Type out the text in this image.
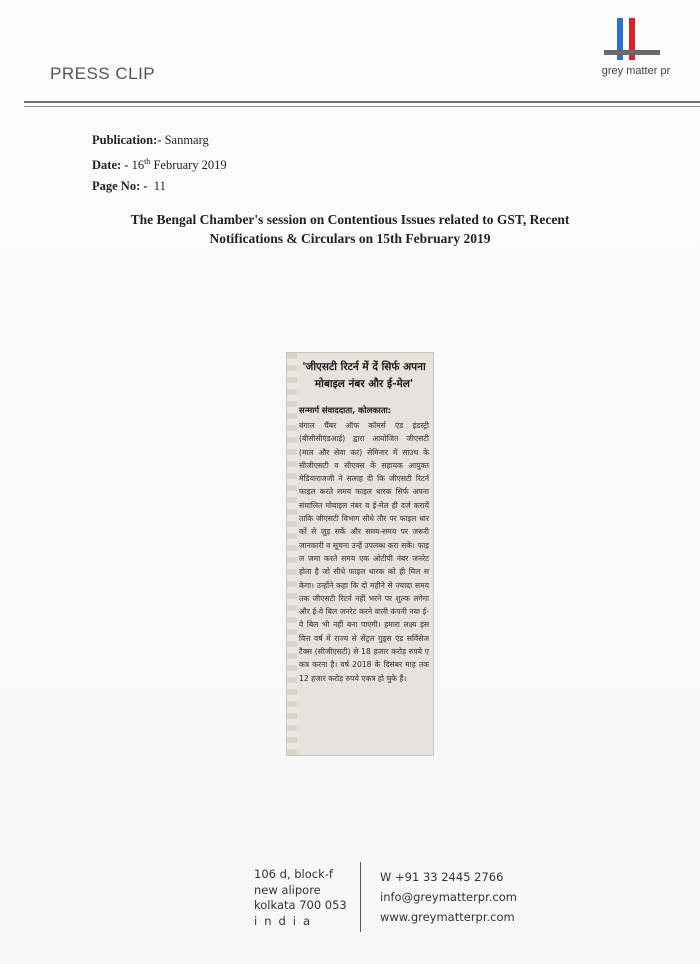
PRESS CLIP	grey matter pr
Publication:- Sanmarg
Date: - 16th February 2019
Page No: - 11
The Bengal Chamber's session on Contentious Issues related to GST, Recent
Notifications & Circulars on 15th February 2019
'जीएसटी रिटर्न में दें सिर्फ अपना
मोबाइल नंबर और ई-मेल'
सन्मार्ग संवाददाता, कोलकाता:
बंगाल चैंबर ऑफ कॉमर्स एंड इंडस्ट्री (बीसीसीएंडआई) द्वारा आयोजित जीएसटी (माल और सेवा कर) सेमिनार में साउथ के सीजीएसटी व सीएक्स के सहायक आयुक्त मेडियाराजजी ने सलाह दी कि जीएसटी रिटर्न फाइल करते समय फाइल धारक सिर्फ अपना संचालित मोबाइल नंबर व ई-मेल ही दर्ज करायें ताकि जीएसटी विभाग सीधे तौर पर फाइल धारकों से जुड़ सकें और समय-समय पर जरूरी जानकारी व सूचना उन्हें उपलब्ध करा सकें। फाइल जमा करते समय एक ओटीपी नंबर जनरेट होता है जो सीधे फाइल धारक को ही मिल सकेगा। उन्होंने कहा कि दो महीने से ज्यादा समय तक जीएसटी रिटर्न नहीं भरने पर शुल्क लगेगा और ई-वे बिल जनरेट करने वाली कंपनी नया ई-वे बिल भी नहीं बना पाएगी। हमारा लक्ष्य इस वित्त वर्ष में राज्य से सेंट्रल गुड्स एंड सर्विसेज टैक्स (सीजीएसटी) से 18 हजार करोड़ रुपये एकत्र करना है। वर्ष 2018 के दिसंबर माह तक 12 हजार करोड़ रुपये एकत्र हो चुके हैं।
106 d, block-f
new alipore
kolkata 700 053
india
W +91 33 2445 2766
info@greymatterpr.com
www.greymatterpr.com
